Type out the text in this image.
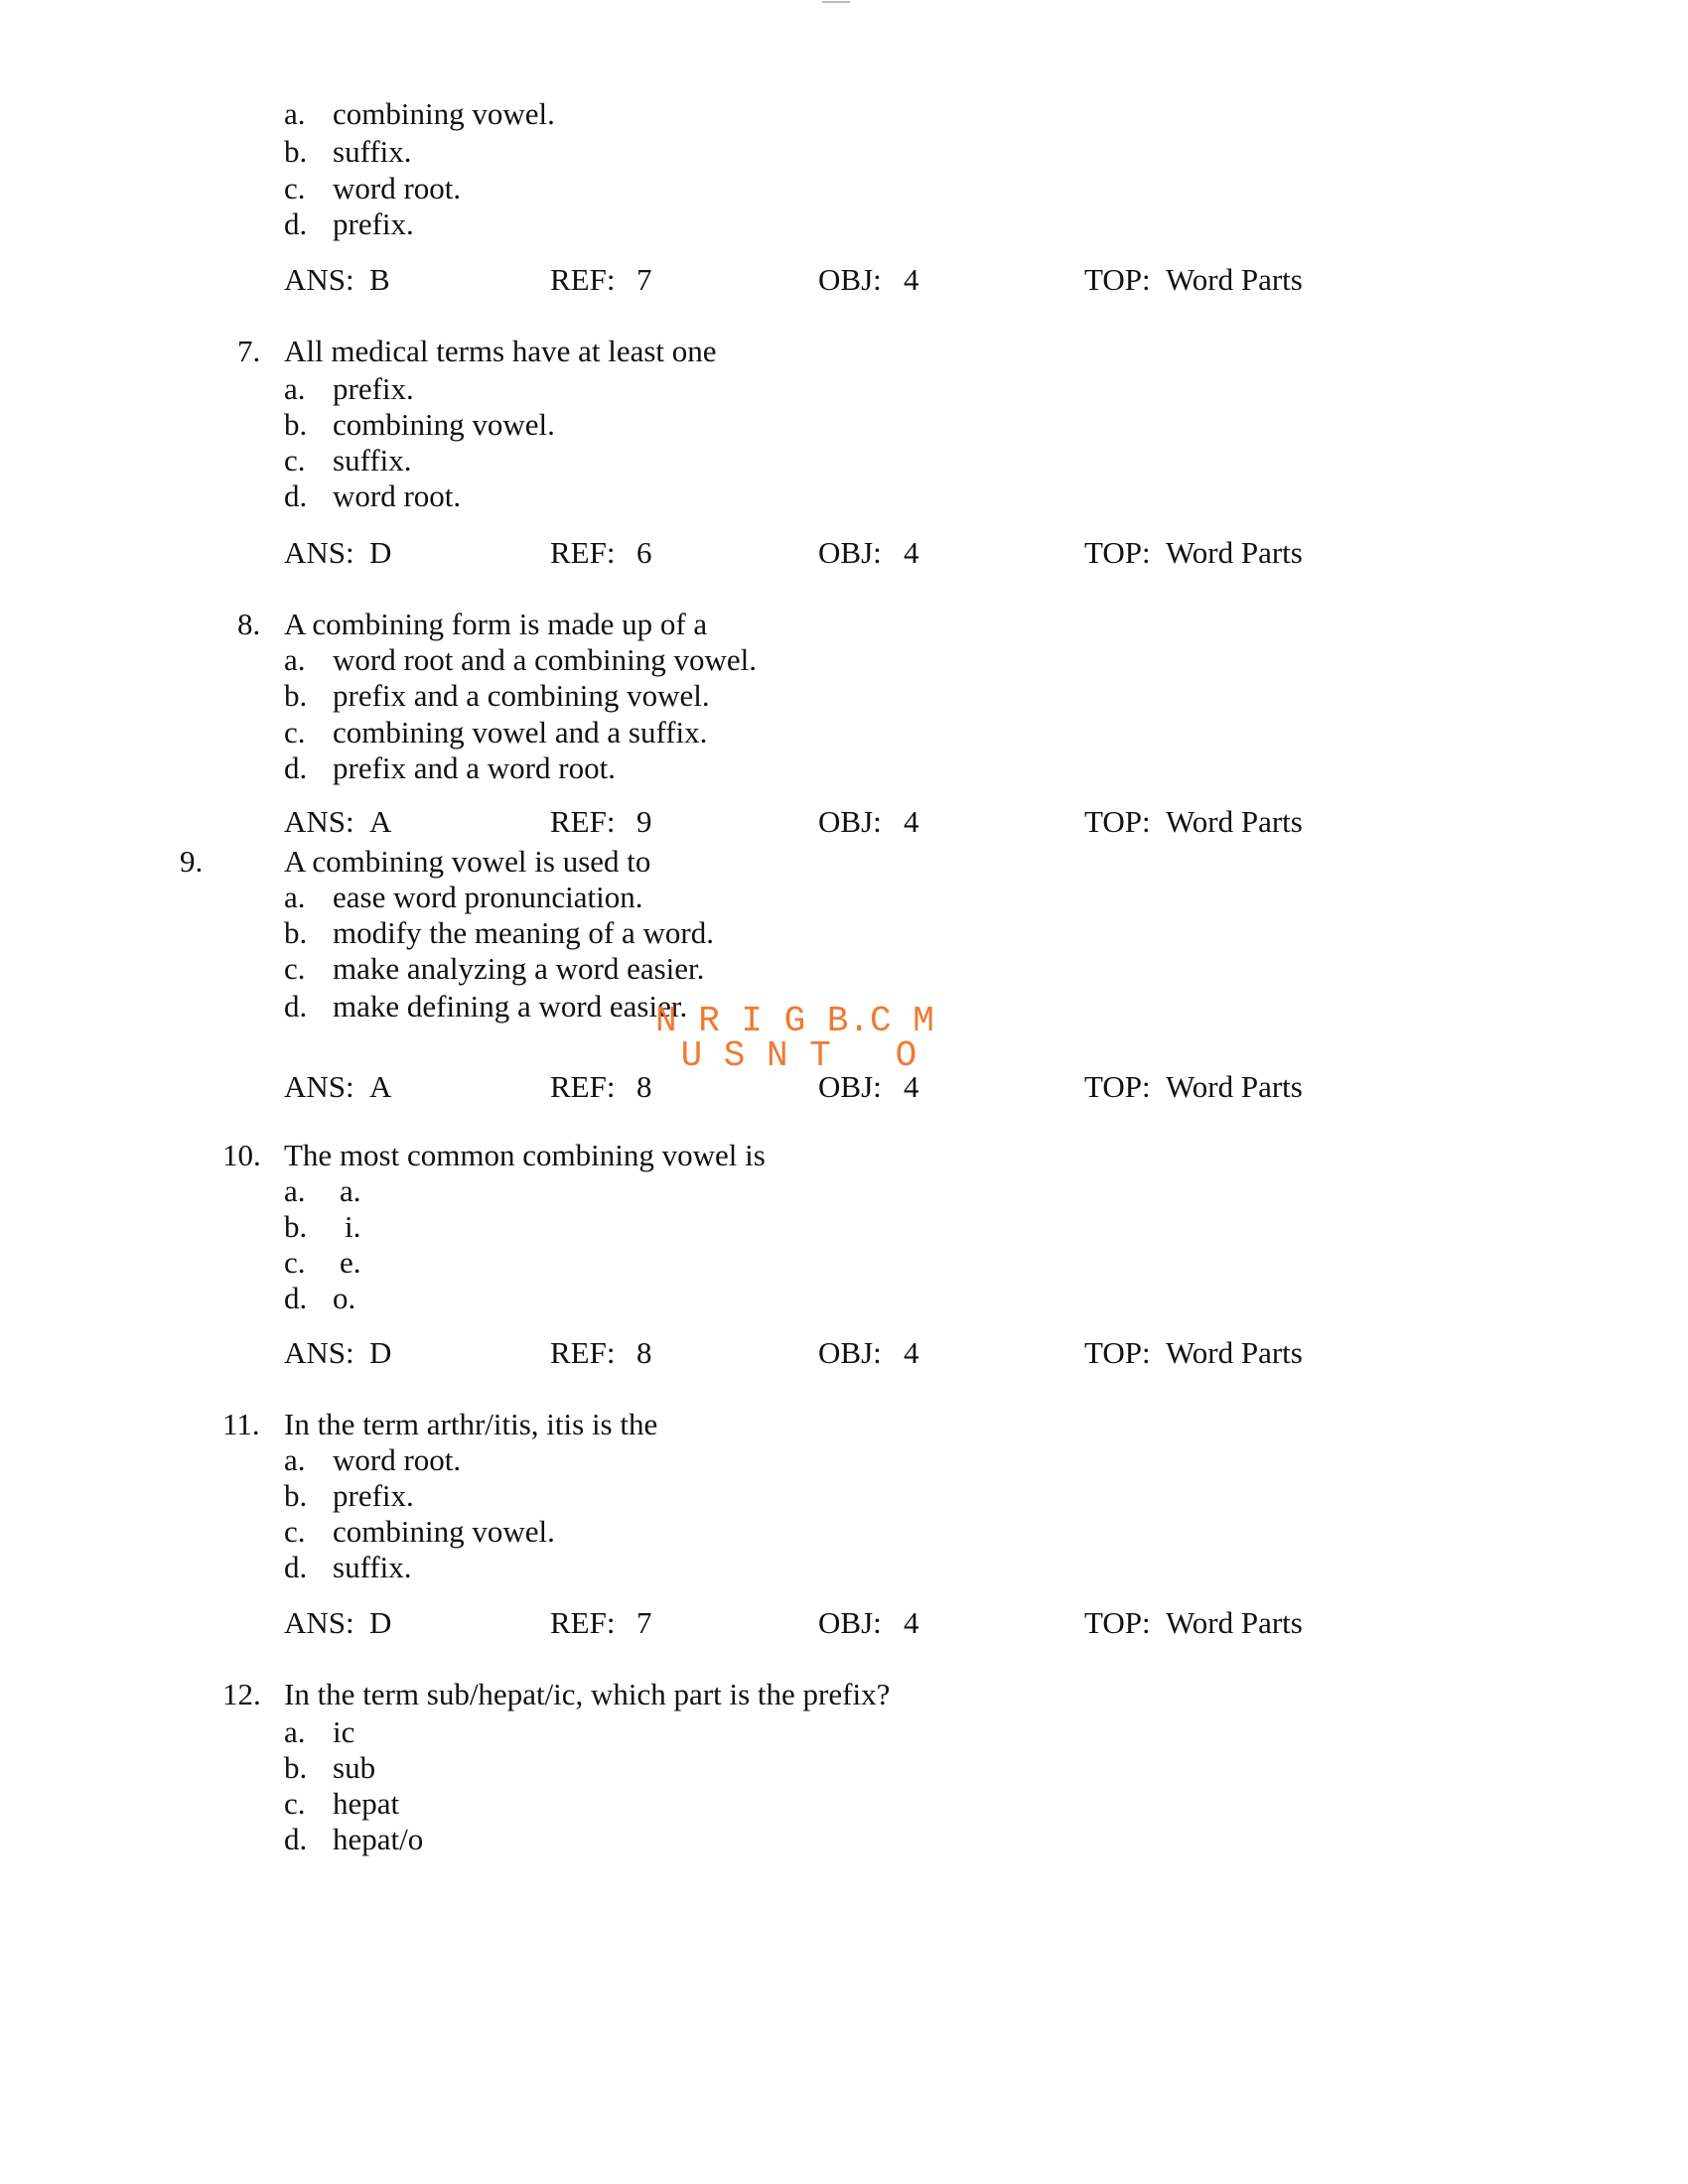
a. combining vowel.
b. suffix.
c. word root.
d. prefix.
ANS: B	REF: 7	OBJ: 4	TOP: Word Parts
7. All medical terms have at least one
a. prefix.
b. combining vowel.
c. suffix.
d. word root.
ANS: D	REF: 6	OBJ: 4	TOP: Word Parts
8. A combining form is made up of a
a. word root and a combining vowel.
b. prefix and a combining vowel.
c. combining vowel and a suffix.
d. prefix and a word root.
ANS: A	REF: 9	OBJ: 4	TOP: Word Parts
9.	A combining vowel is used to
a. ease word pronunciation.
b. modify the meaning of a word.
c. make analyzing a word easier.
d. make defining a word easier.
ANS: A	REF: 8	OBJ: 4	TOP: Word Parts
10. The most common combining vowel is
a. a.
b. i.
c. e.
d. o.
ANS: D	REF: 8	OBJ: 4	TOP: Word Parts
11. In the term arthr/itis, itis is the
a. word root.
b. prefix.
c. combining vowel.
d. suffix.
ANS: D	REF: 7	OBJ: 4	TOP: Word Parts
12. In the term sub/hepat/ic, which part is the prefix?
a. ic
b. sub
c. hepat
d. hepat/o
N R I G B.C M
U S N T   O
